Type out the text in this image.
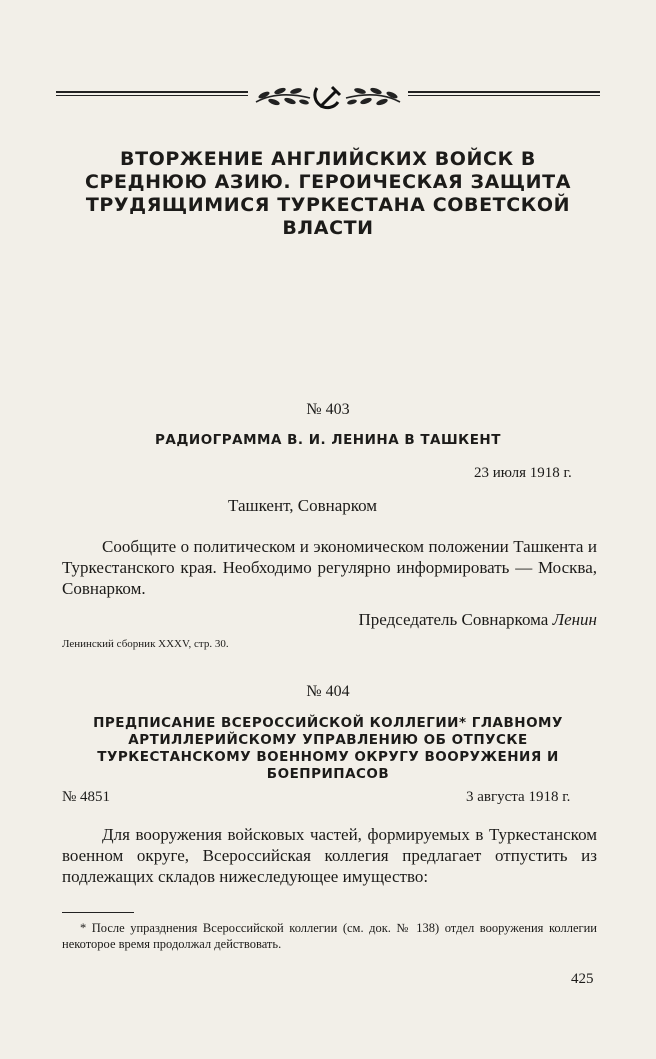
ВТОРЖЕНИЕ АНГЛИЙСКИХ ВОЙСК В СРЕДНЮЮ АЗИЮ. ГЕРОИЧЕСКАЯ ЗАЩИТА ТРУДЯЩИМИСЯ ТУРКЕСТАНА СОВЕТСКОЙ ВЛАСТИ
№ 403
РАДИОГРАММА В. И. ЛЕНИНА В ТАШКЕНТ
23 июля 1918 г.
Ташкент, Совнарком
Сообщите о политическом и экономическом положении Ташкента и Туркестанского края. Необходимо регулярно информировать — Москва, Совнарком.
Председатель Совнаркома Ленин
Ленинский сборник XXXV, стр. 30.
№ 404
ПРЕДПИСАНИЕ ВСЕРОССИЙСКОЙ КОЛЛЕГИИ* ГЛАВНОМУ АРТИЛЛЕРИЙСКОМУ УПРАВЛЕНИЮ ОБ ОТПУСКЕ ТУРКЕСТАНСКОМУ ВОЕННОМУ ОКРУГУ ВООРУЖЕНИЯ И БОЕПРИПАСОВ
№ 4851	3 августа 1918 г.
Для вооружения войсковых частей, формируемых в Туркестанском военном округе, Всероссийская коллегия предлагает отпустить из подлежащих складов нижеследующее имущество:
* После упразднения Всероссийской коллегии (см. док. № 138) отдел вооружения коллегии некоторое время продолжал действовать.
425
